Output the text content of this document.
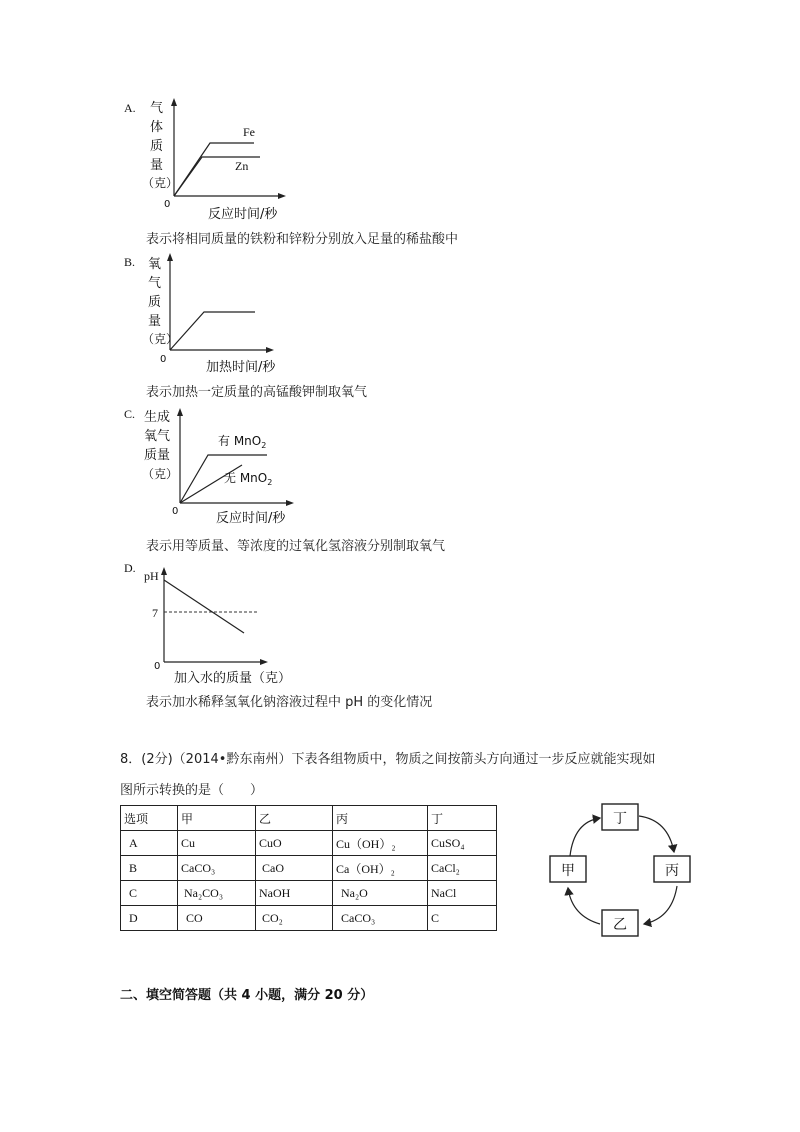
A. 气
体
质
量
（克）
Fe
Zn
0
反应时间/秒
表示将相同质量的铁粉和锌粉分别放入足量的稀盐酸中
B. 氧
气
质
量
（克）
0
加热时间/秒
表示加热一定质量的高锰酸钾制取氧气
C. 生成
氧气
质量
（克）
有 MnO$_2$
无 MnO$_2$
0	反应时间/秒
表示用等质量、等浓度的过氧化氢溶液分别制取氧气
D.
pH
7
0
加入水的质量（克）
表示加水稀释氢氧化钠溶液过程中 pH 的变化情况
8．(2分)（2014•黔东南州）下表各组物质中，物质之间按箭头方向通过一步反应就能实现如
图所示转换的是（　　）
选项	甲	乙	丙	丁
A	Cu	CuO	Cu（OH）₂	CuSO₄
B	CaCO₃	CaO	Ca（OH）₂	CaCl₂
C	Na₂CO₃	NaOH	Na₂O	NaCl
D	CO	CO₂	CaCO₃	C
丁
甲	丙
乙
二、填空简答题（共 4 小题，满分 20 分）
